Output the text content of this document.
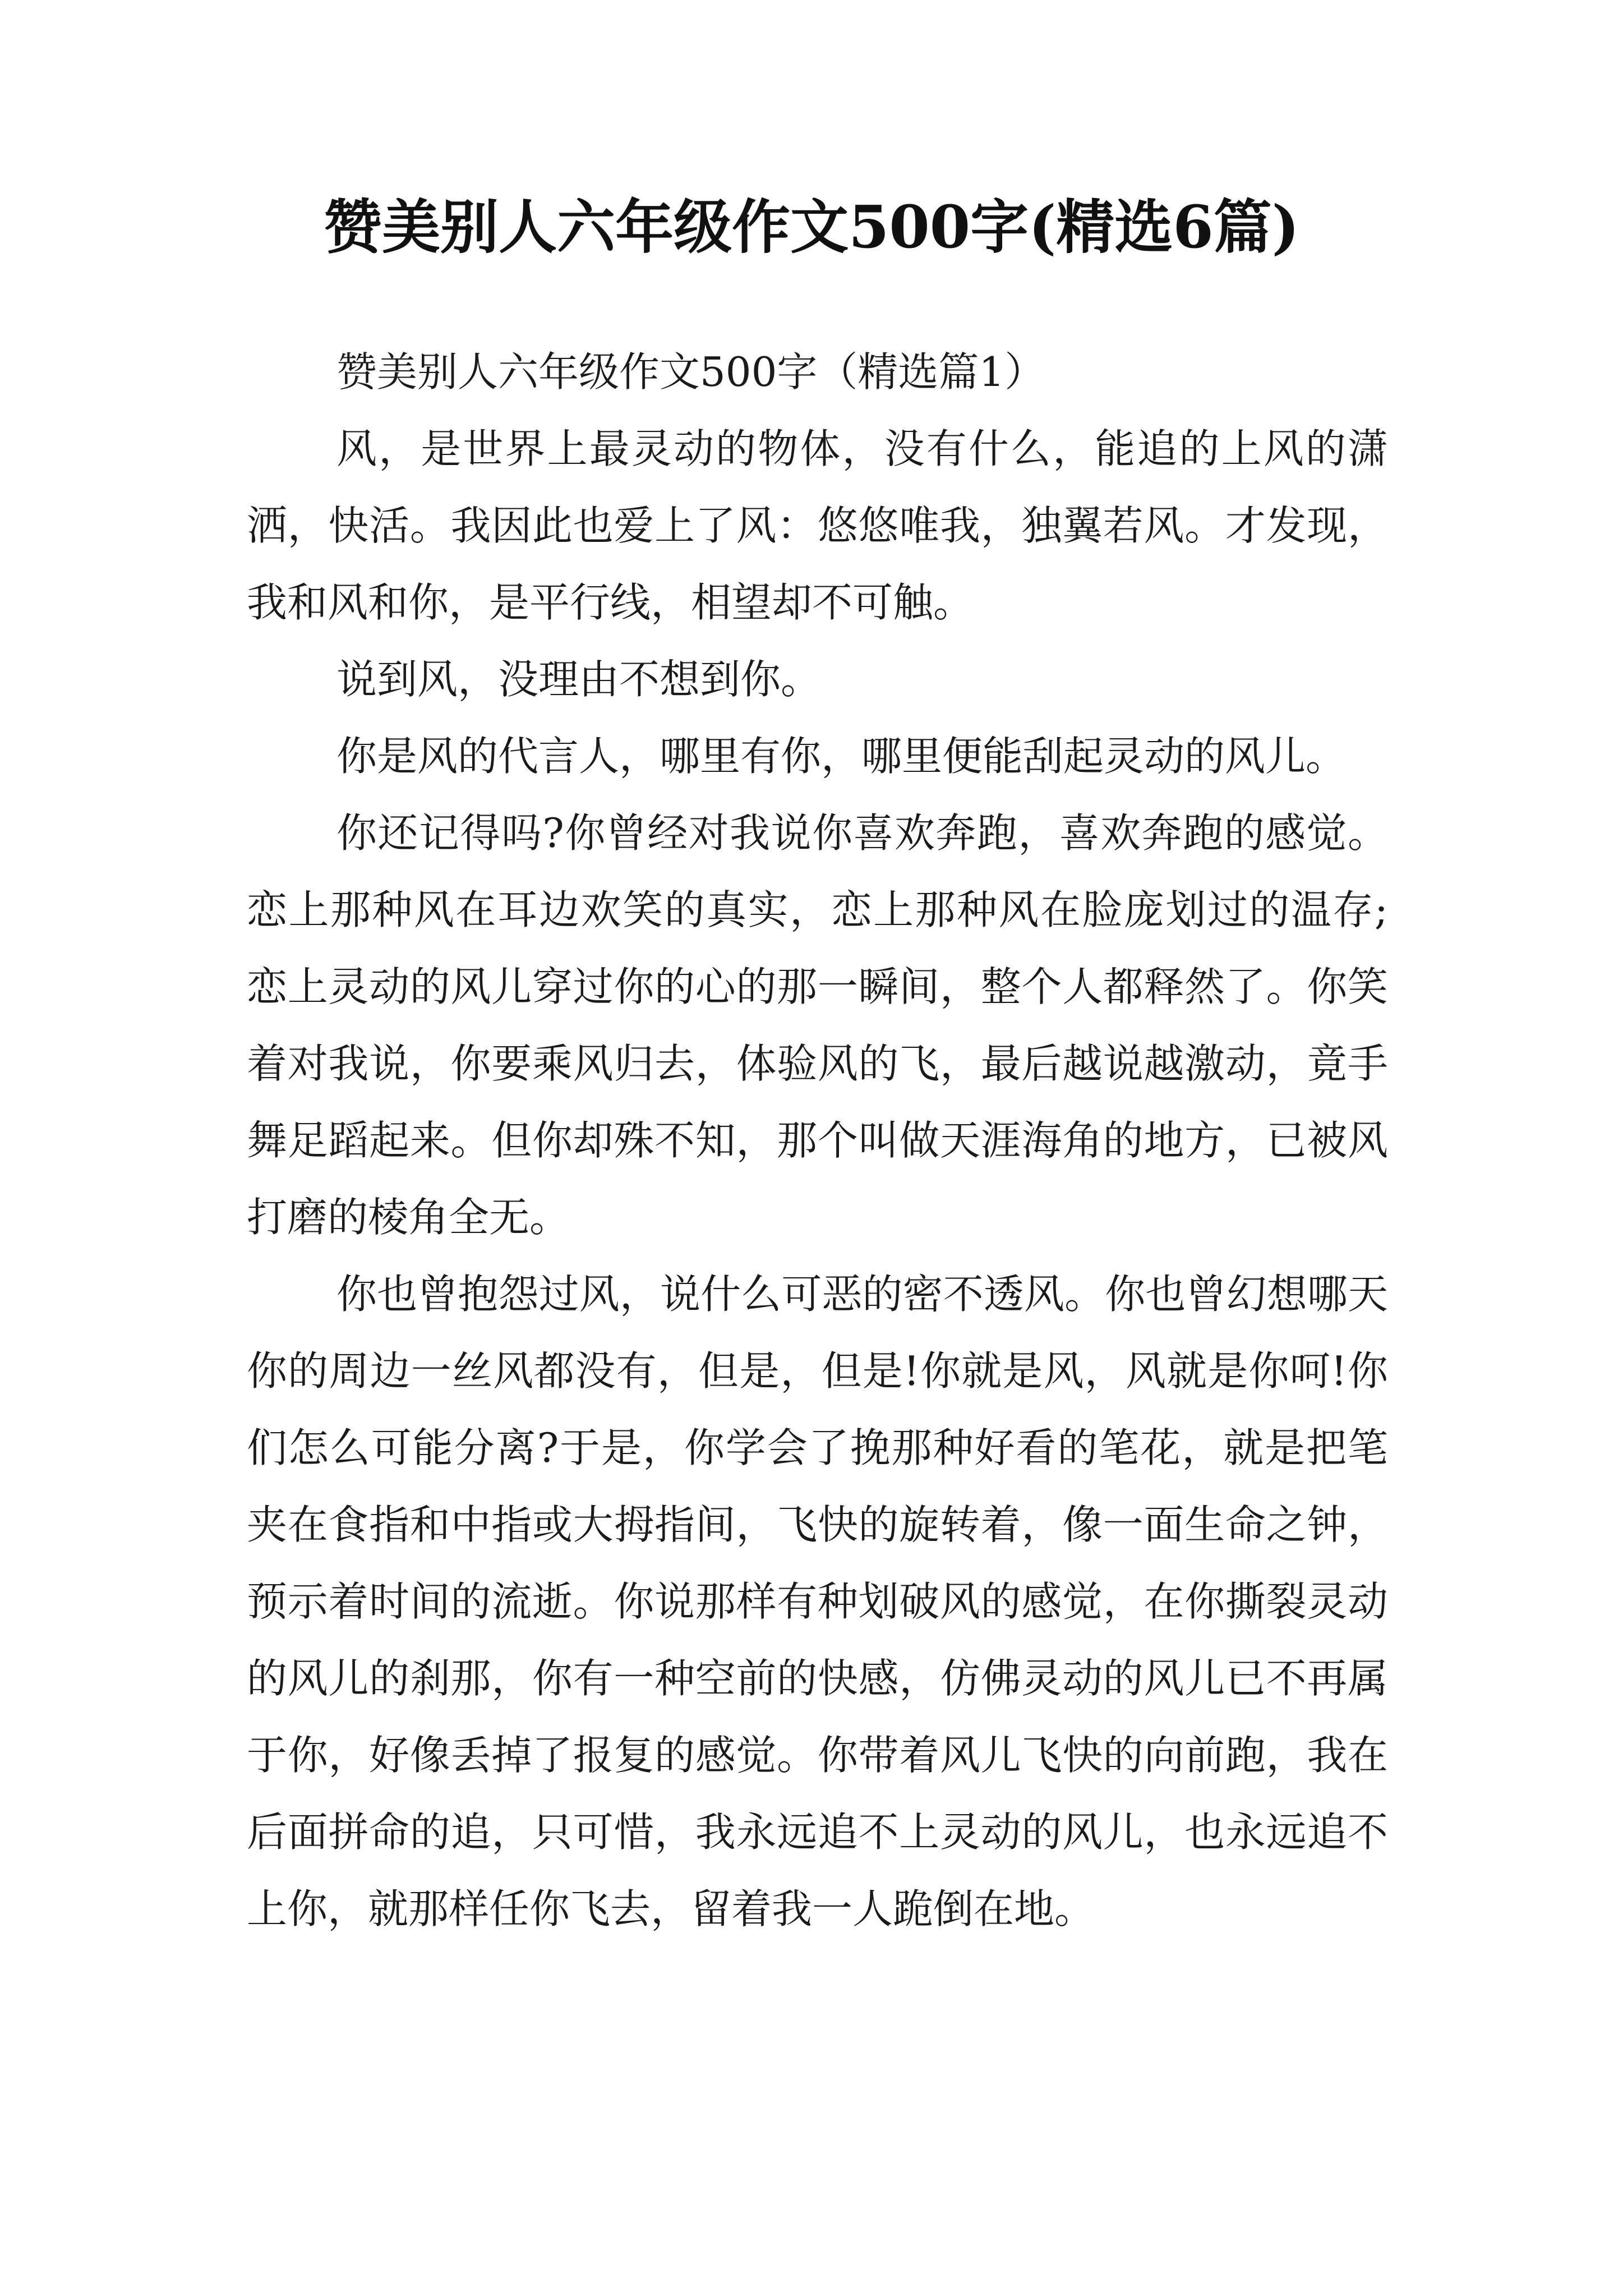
赞美别人六年级作文500字(精选6篇)

赞美别人六年级作文500字（精选篇1）

风，是世界上最灵动的物体，没有什么，能追的上风的潇洒，快活。我因此也爱上了风：悠悠唯我，独翼若风。才发现，我和风和你，是平行线，相望却不可触。

说到风，没理由不想到你。

你是风的代言人，哪里有你，哪里便能刮起灵动的风儿。

你还记得吗?你曾经对我说你喜欢奔跑，喜欢奔跑的感觉。恋上那种风在耳边欢笑的真实，恋上那种风在脸庞划过的温存;恋上灵动的风儿穿过你的心的那一瞬间，整个人都释然了。你笑着对我说，你要乘风归去，体验风的飞，最后越说越激动，竟手舞足蹈起来。但你却殊不知，那个叫做天涯海角的地方，已被风打磨的棱角全无。

你也曾抱怨过风，说什么可恶的密不透风。你也曾幻想哪天你的周边一丝风都没有，但是，但是!你就是风，风就是你呵!你们怎么可能分离?于是，你学会了挽那种好看的笔花，就是把笔夹在食指和中指或大拇指间，飞快的旋转着，像一面生命之钟，预示着时间的流逝。你说那样有种划破风的感觉，在你撕裂灵动的风儿的刹那，你有一种空前的快感，仿佛灵动的风儿已不再属于你，好像丢掉了报复的感觉。你带着风儿飞快的向前跑，我在后面拼命的追，只可惜，我永远追不上灵动的风儿，也永远追不上你，就那样任你飞去，留着我一人跪倒在地。
